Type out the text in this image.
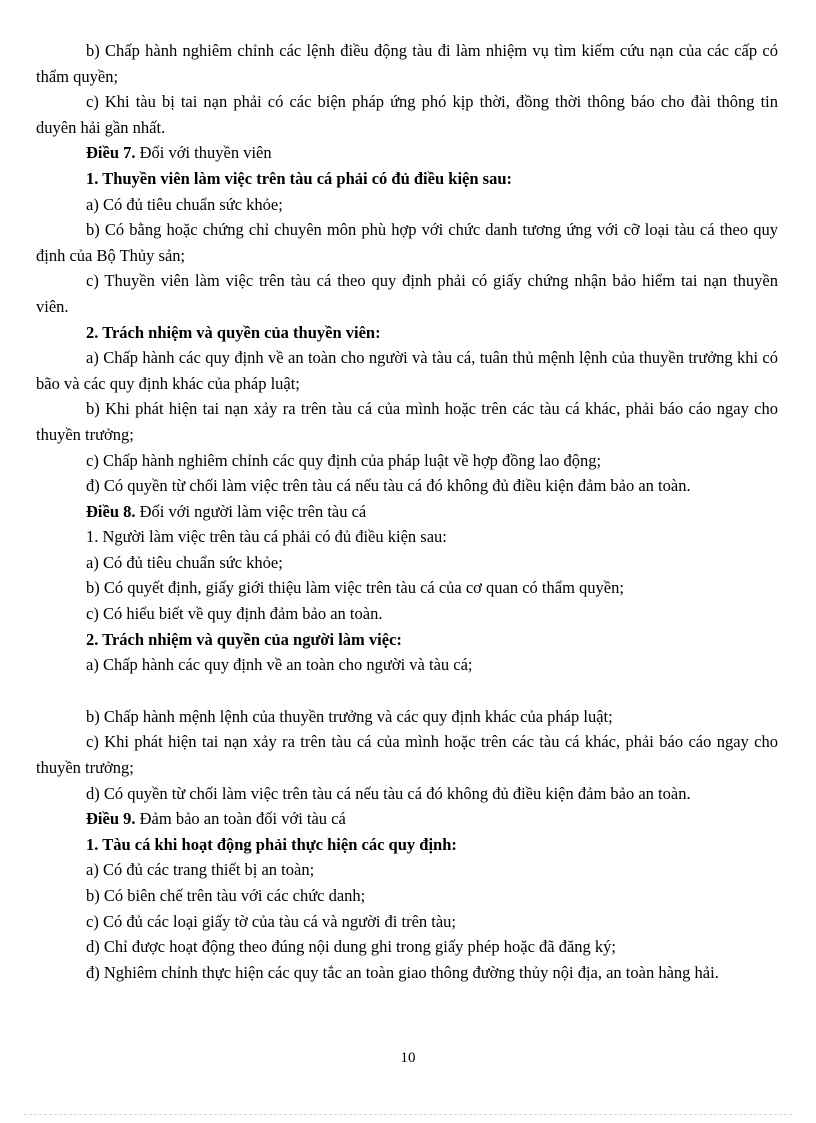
b) Chấp hành nghiêm chỉnh các lệnh điều động tàu đi làm nhiệm vụ tìm kiếm cứu nạn của các cấp có thẩm quyền;

c) Khi tàu bị tai nạn phải có các biện pháp ứng phó kịp thời, đồng thời thông báo cho đài thông tin duyên hải gần nhất.

Điều 7. Đối với thuyền viên

1. Thuyền viên làm việc trên tàu cá phải có đủ điều kiện sau:

a) Có đủ tiêu chuẩn sức khỏe;

b) Có bằng hoặc chứng chỉ chuyên môn phù hợp với chức danh tương ứng với cỡ loại tàu cá theo quy định của Bộ Thủy sản;

c) Thuyền viên làm việc trên tàu cá theo quy định phải có giấy chứng nhận bảo hiểm tai nạn thuyền viên.

2. Trách nhiệm và quyền của thuyền viên:

a) Chấp hành các quy định về an toàn cho người và tàu cá, tuân thủ mệnh lệnh của thuyền trưởng khi có bão và các quy định khác của pháp luật;

b) Khi phát hiện tai nạn xảy ra trên tàu cá của mình hoặc trên các tàu cá khác, phải báo cáo ngay cho thuyền trưởng;

c) Chấp hành nghiêm chỉnh các quy định của pháp luật về hợp đồng lao động;

đ) Có quyền từ chối làm việc trên tàu cá nếu tàu cá đó không đủ điều kiện đảm bảo an toàn.

Điều 8. Đối với người làm việc trên tàu cá

1. Người làm việc trên tàu cá phải có đủ điều kiện sau:

a) Có đủ tiêu chuẩn sức khỏe;

b) Có quyết định, giấy giới thiệu làm việc trên tàu cá của cơ quan có thẩm quyền;

c) Có hiểu biết về quy định đảm bảo an toàn.

2. Trách nhiệm và quyền của người làm việc:

a) Chấp hành các quy định về an toàn cho người và tàu cá;

b) Chấp hành mệnh lệnh của thuyền trưởng và các quy định khác của pháp luật;

c) Khi phát hiện tai nạn xảy ra trên tàu cá của mình hoặc trên các tàu cá khác, phải báo cáo ngay cho thuyền trưởng;

d) Có quyền từ chối làm việc trên tàu cá nếu tàu cá đó không đủ điều kiện đảm bảo an toàn.

Điều 9. Đảm bảo an toàn đối với tàu cá

1. Tàu cá khi hoạt động phải thực hiện các quy định:

a) Có đủ các trang thiết bị an toàn;

b) Có biên chế trên tàu với các chức danh;

c) Có đủ các loại giấy tờ của tàu cá và người đi trên tàu;

d) Chỉ được hoạt động theo đúng nội dung ghi trong giấy phép hoặc đã đăng ký;

đ) Nghiêm chỉnh thực hiện các quy tắc an toàn giao thông đường thủy nội địa, an toàn hàng hải.

10
